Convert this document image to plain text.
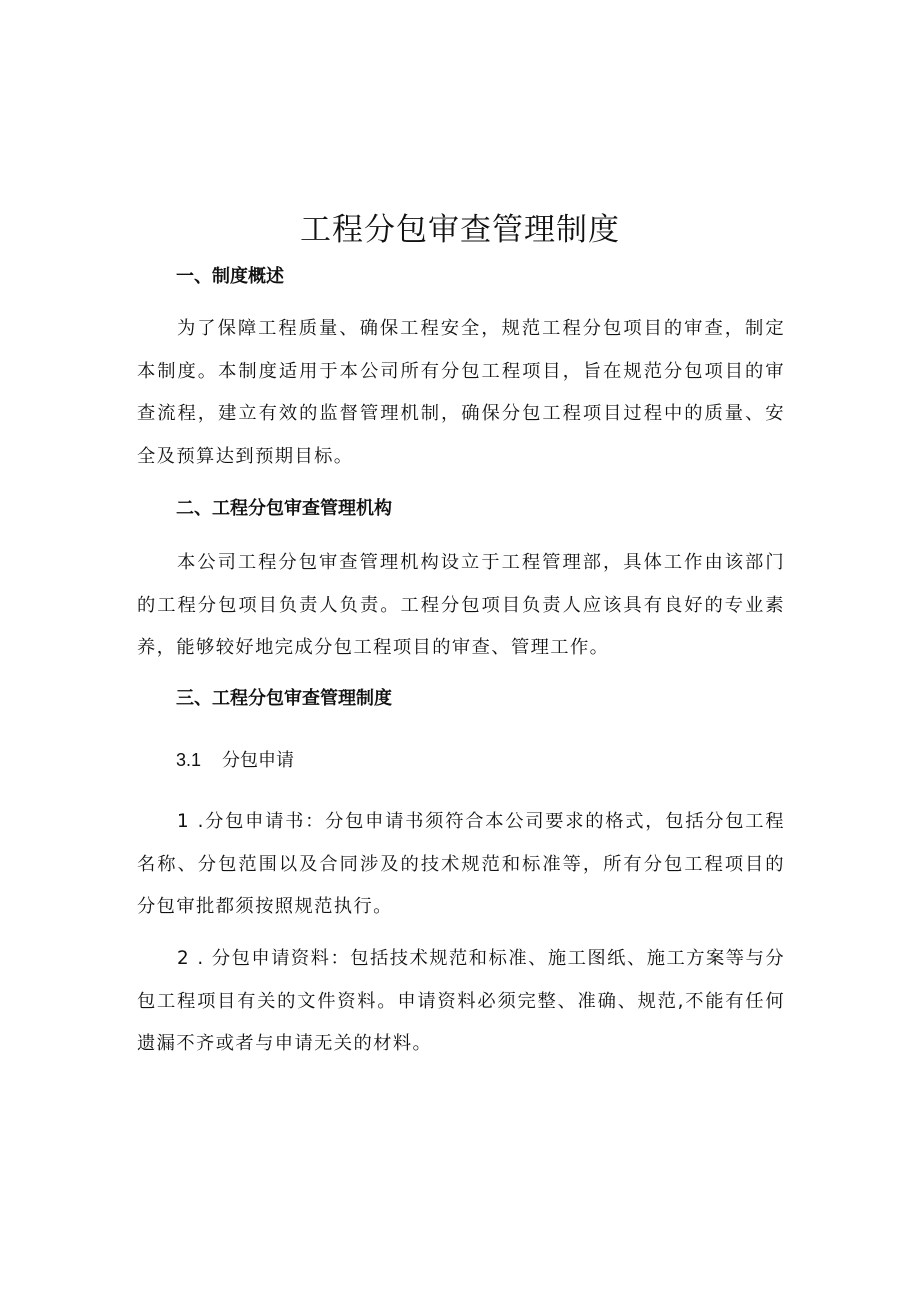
工程分包审查管理制度
一、制度概述

为了保障工程质量、确保工程安全，规范工程分包项目的审查，制定本制度。本制度适用于本公司所有分包工程项目，旨在规范分包项目的审查流程，建立有效的监督管理机制，确保分包工程项目过程中的质量、安全及预算达到预期目标。

二、工程分包审查管理机构

本公司工程分包审查管理机构设立于工程管理部，具体工作由该部门的工程分包项目负责人负责。工程分包项目负责人应该具有良好的专业素养，能够较好地完成分包工程项目的审查、管理工作。

三、工程分包审查管理制度
3.1 分包申请

1 .分包申请书：分包申请书须符合本公司要求的格式，包括分包工程名称、分包范围以及合同涉及的技术规范和标准等，所有分包工程项目的分包审批都须按照规范执行。

2 . 分包申请资料：包括技术规范和标准、施工图纸、施工方案等与分包工程项目有关的文件资料。申请资料必须完整、准确、规范,不能有任何遗漏不齐或者与申请无关的材料。
